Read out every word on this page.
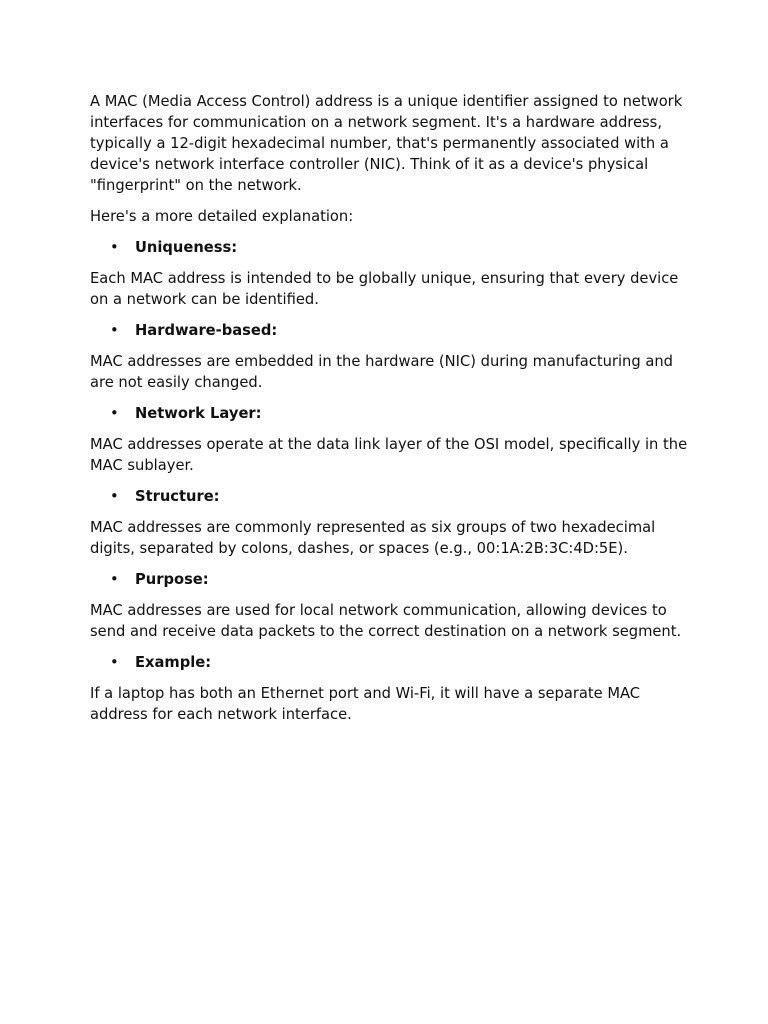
A MAC (Media Access Control) address is a unique identifier assigned to network interfaces for communication on a network segment. It's a hardware address, typically a 12-digit hexadecimal number, that's permanently associated with a device's network interface controller (NIC). Think of it as a device's physical "fingerprint" on the network.

Here's a more detailed explanation:

• Uniqueness:

Each MAC address is intended to be globally unique, ensuring that every device on a network can be identified.

• Hardware-based:

MAC addresses are embedded in the hardware (NIC) during manufacturing and are not easily changed.

• Network Layer:

MAC addresses operate at the data link layer of the OSI model, specifically in the MAC sublayer.

• Structure:

MAC addresses are commonly represented as six groups of two hexadecimal digits, separated by colons, dashes, or spaces (e.g., 00:1A:2B:3C:4D:5E).

• Purpose:

MAC addresses are used for local network communication, allowing devices to send and receive data packets to the correct destination on a network segment.

• Example:

If a laptop has both an Ethernet port and Wi-Fi, it will have a separate MAC address for each network interface.
